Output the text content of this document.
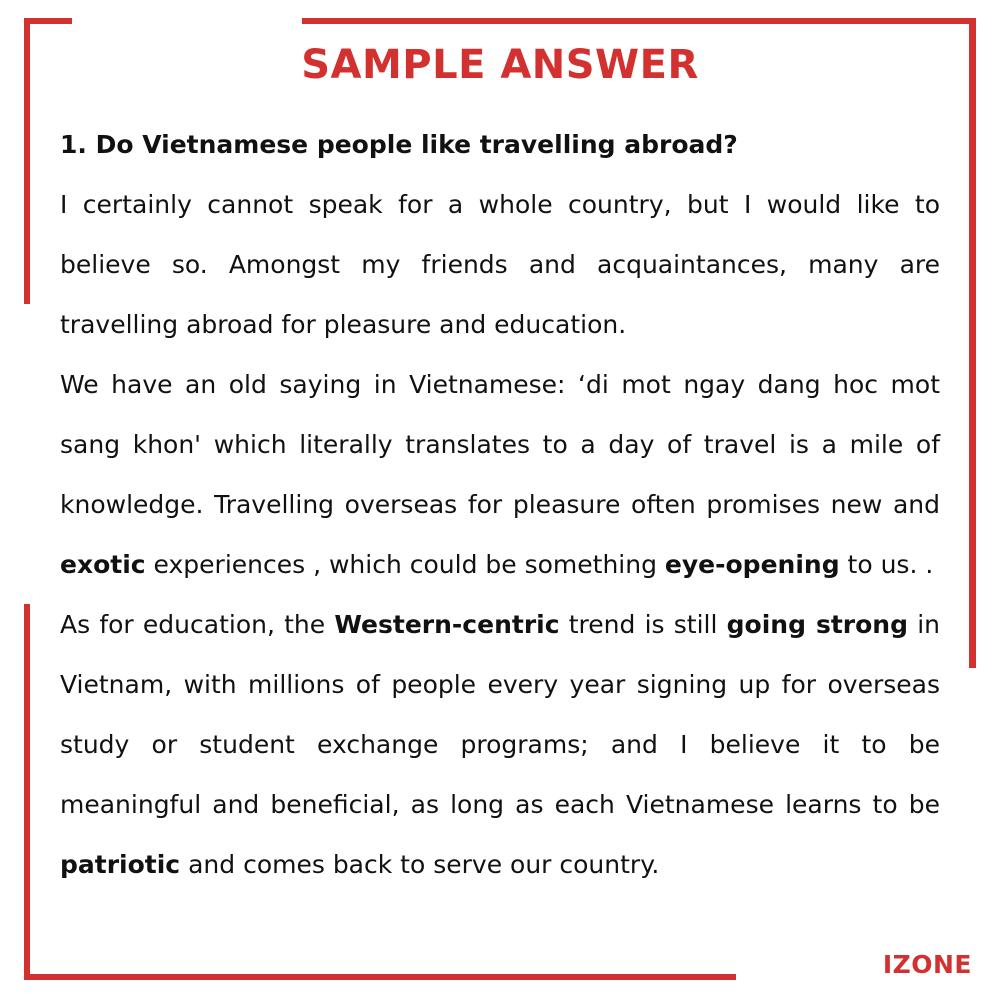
SAMPLE ANSWER

1. Do Vietnamese people like travelling abroad?

I certainly cannot speak for a whole country, but I would like to believe so. Amongst my friends and acquaintances, many are travelling abroad for pleasure and education.

We have an old saying in Vietnamese: ‘di mot ngay dang hoc mot sang khon' which literally translates to a day of travel is a mile of knowledge. Travelling overseas for pleasure often promises new and exotic experiences , which could be something eye-opening to us. .

As for education, the Western-centric trend is still going strong in Vietnam, with millions of people every year signing up for overseas study or student exchange programs; and I believe it to be meaningful and beneficial, as long as each Vietnamese learns to be patriotic and comes back to serve our country.

IZONE
